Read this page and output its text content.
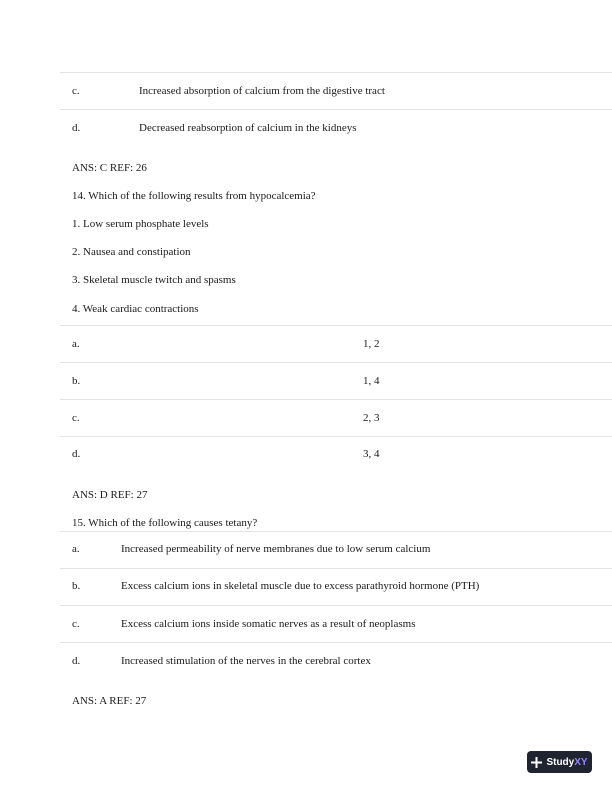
c.	Increased absorption of calcium from the digestive tract
d.	Decreased reabsorption of calcium in the kidneys
ANS: C REF: 26
14. Which of the following results from hypocalcemia?
1. Low serum phosphate levels
2. Nausea and constipation
3. Skeletal muscle twitch and spasms
4. Weak cardiac contractions
a.	1, 2
b.	1, 4
c.	2, 3
d.	3, 4
ANS: D REF: 27
15. Which of the following causes tetany?
a.	Increased permeability of nerve membranes due to low serum calcium
b.	Excess calcium ions in skeletal muscle due to excess parathyroid hormone (PTH)
c.	Excess calcium ions inside somatic nerves as a result of neoplasms
d.	Increased stimulation of the nerves in the cerebral cortex
ANS: A REF: 27
StudyXY
